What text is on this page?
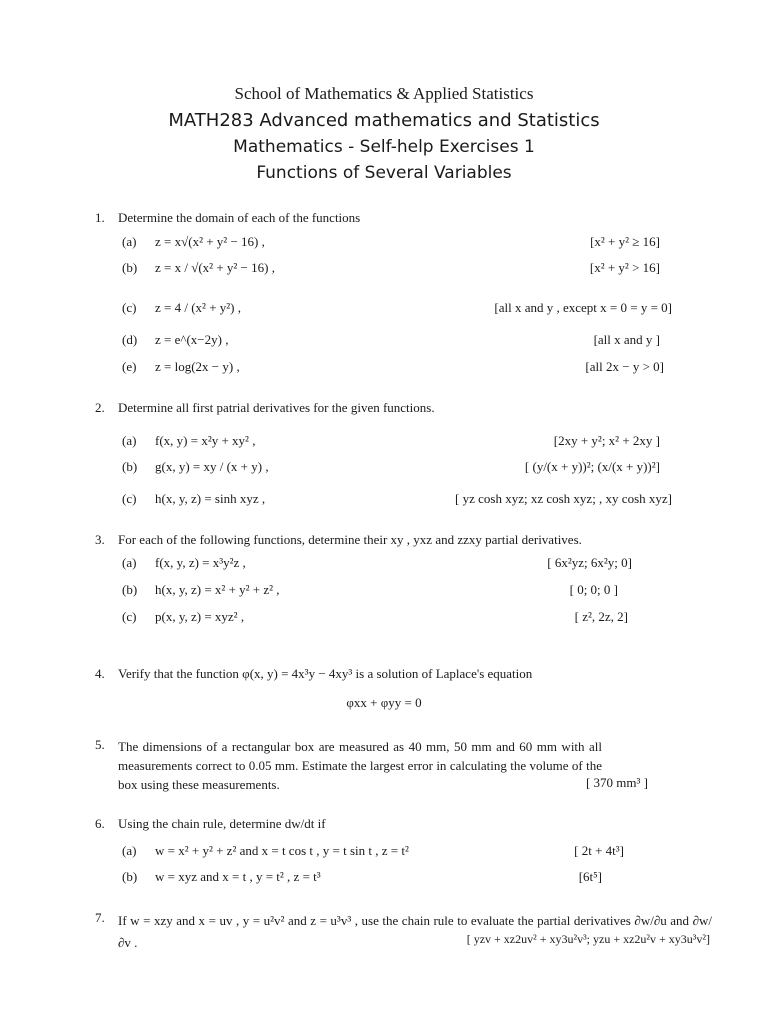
School of Mathematics & Applied Statistics
MATH283 Advanced mathematics and Statistics
Mathematics - Self-help Exercises 1
Functions of Several Variables
1. Determine the domain of each of the functions
(a) z = x√(x² + y² − 16) ,	[x² + y² ≥ 16]
(b) z = x / √(x² + y² − 16) ,	[x² + y² > 16]
(c) z = 4 / (x² + y²) ,	[all x and y , except x = 0 = y = 0]
(d) z = e^(x−2y) ,	[all x and y ]
(e) z = log(2x − y) ,	[all 2x − y > 0]
2. Determine all first patrial derivatives for the given functions.
(a) f(x, y) = x²y + xy² ,	[2xy + y²; x² + 2xy ]
(b) g(x, y) = xy / (x + y) ,	[ (y/(x + y))²; (x/(x + y))²]
(c) h(x, y, z) = sinh xyz ,	[ yz cosh xyz; xz cosh xyz; , xy cosh xyz]
3. For each of the following functions, determine their xy , yxz and zzxy partial derivatives.
(a) f(x, y, z) = x³y²z ,	[ 6x²yz; 6x²y; 0]
(b) h(x, y, z) = x² + y² + z² ,	[ 0; 0; 0 ]
(c) p(x, y, z) = xyz² ,	[ z², 2z, 2]
4. Verify that the function φ(x, y) = 4x³y − 4xy³ is a solution of Laplace's equation
φxx + φyy = 0
5. The dimensions of a rectangular box are measured as 40 mm, 50 mm and 60 mm with all measurements correct to 0.05 mm. Estimate the largest error in calculating the volume of the box using these measurements.	[ 370 mm³ ]
6. Using the chain rule, determine dw/dt if
(a) w = x² + y² + z² and x = t cos t , y = t sin t , z = t²	[ 2t + 4t³]
(b) w = xyz and x = t , y = t² , z = t³	[6t⁵]
7. If w = xzy and x = uv , y = u²v² and z = u³v³ , use the chain rule to evaluate the partial derivatives ∂w/∂u and ∂w/∂v .	[ yzv + xz2uv² + xy3u²v³; yzu + xz2u²v + xy3u³v²]
